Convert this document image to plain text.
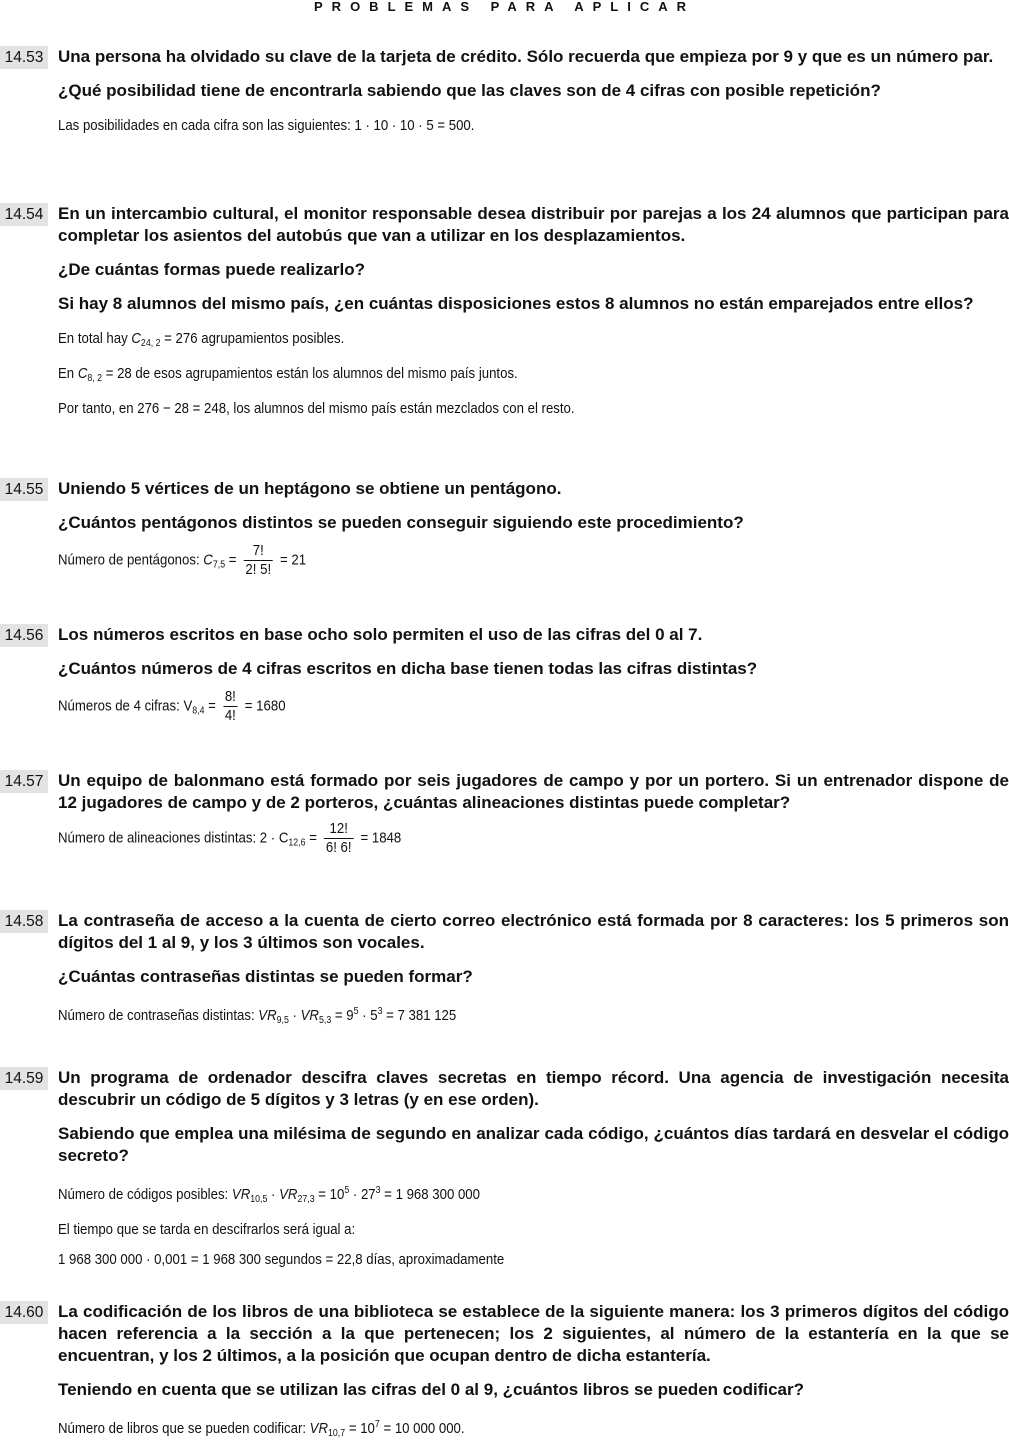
PROBLEMAS PARA APLICAR
14.53 Una persona ha olvidado su clave de la tarjeta de crédito. Sólo recuerda que empieza por 9 y que es un número par.

¿Qué posibilidad tiene de encontrarla sabiendo que las claves son de 4 cifras con posible repetición?

Las posibilidades en cada cifra son las siguientes: 1 · 10 · 10 · 5 = 500.

14.54 En un intercambio cultural, el monitor responsable desea distribuir por parejas a los 24 alumnos que participan para completar los asientos del autobús que van a utilizar en los desplazamientos.

¿De cuántas formas puede realizarlo?

Si hay 8 alumnos del mismo país, ¿en cuántas disposiciones estos 8 alumnos no están emparejados entre ellos?

En total hay $C_{24, 2} = 276$ agrupamientos posibles.

En $C_{8, 2} = 28$ de esos agrupamientos están los alumnos del mismo país juntos.

Por tanto, en 276 − 28 = 248, los alumnos del mismo país están mezclados con el resto.

14.55 Uniendo 5 vértices de un heptágono se obtiene un pentágono.

¿Cuántos pentágonos distintos se pueden conseguir siguiendo este procedimiento?

Número de pentágonos: $C_{7,5} = \frac{7!}{2! 5!} = 21$

14.56 Los números escritos en base ocho solo permiten el uso de las cifras del 0 al 7.

¿Cuántos números de 4 cifras escritos en dicha base tienen todas las cifras distintas?

Números de 4 cifras: $V_{8,4} = \frac{8!}{4!} = 1680$

14.57 Un equipo de balonmano está formado por seis jugadores de campo y por un portero. Si un entrenador dispone de 12 jugadores de campo y de 2 porteros, ¿cuántas alineaciones distintas puede completar?

Número de alineaciones distintas: $2 \cdot C_{12,6} = \frac{12!}{6! 6!} = 1848$

14.58 La contraseña de acceso a la cuenta de cierto correo electrónico está formada por 8 caracteres: los 5 primeros son dígitos del 1 al 9, y los 3 últimos son vocales.

¿Cuántas contraseñas distintas se pueden formar?

Número de contraseñas distintas: $VR_{9,5} \cdot VR_{5,3} = 9^5 \cdot 5^3 = 7$ 381 125

14.59 Un programa de ordenador descifra claves secretas en tiempo récord. Una agencia de investigación necesita descubrir un código de 5 dígitos y 3 letras (y en ese orden).

Sabiendo que emplea una milésima de segundo en analizar cada código, ¿cuántos días tardará en desvelar el código secreto?

Número de códigos posibles: $VR_{10,5} \cdot VR_{27,3} = 10^5 \cdot 27^3 = 1$ 968 300 000

El tiempo que se tarda en descifrarlos será igual a:

1 968 300 000 · 0,001 = 1 968 300 segundos = 22,8 días, aproximadamente

14.60 La codificación de los libros de una biblioteca se establece de la siguiente manera: los 3 primeros dígitos del código hacen referencia a la sección a la que pertenecen; los 2 siguientes, al número de la estantería en la que se encuentran, y los 2 últimos, a la posición que ocupan dentro de dicha estantería.

Teniendo en cuenta que se utilizan las cifras del 0 al 9, ¿cuántos libros se pueden codificar?

Número de libros que se pueden codificar: $VR_{10,7} = 10^7 = 10$ 000 000.
